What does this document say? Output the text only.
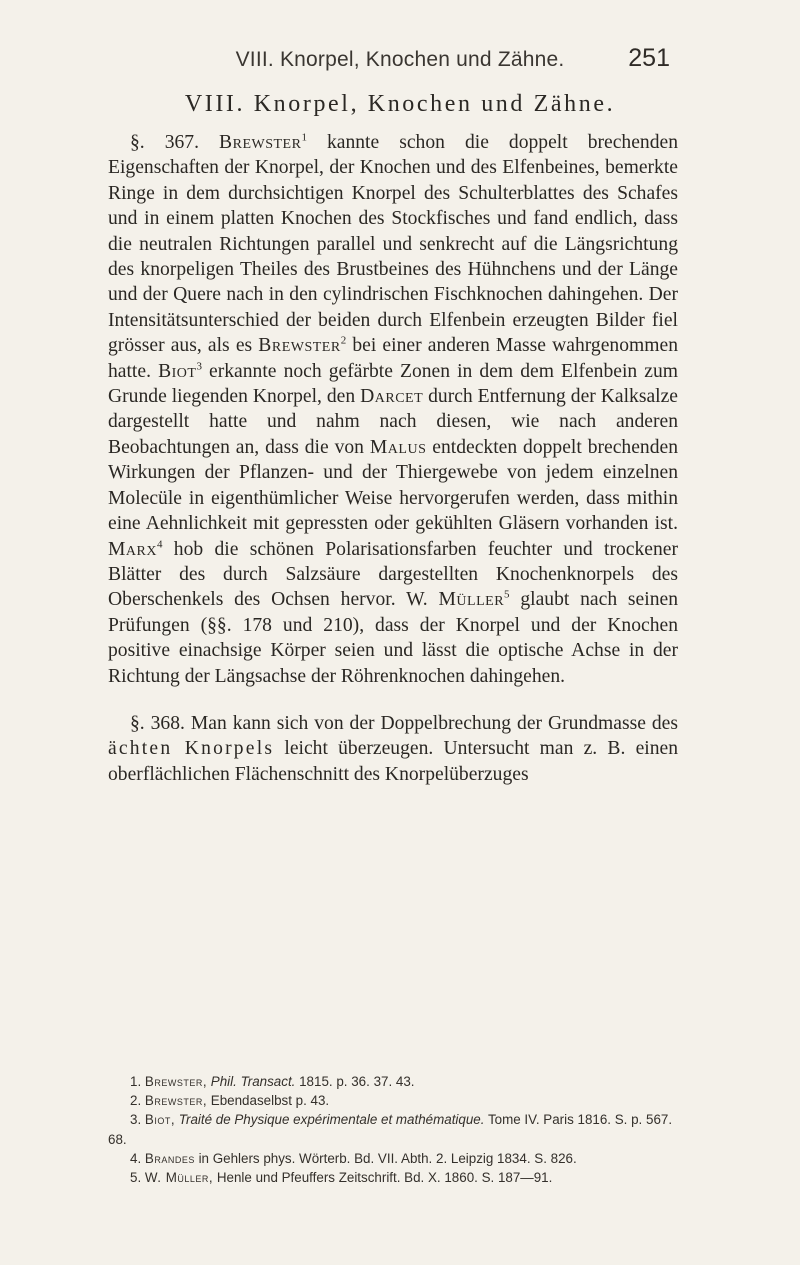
VIII. Knorpel, Knochen und Zähne.	251
VIII. Knorpel, Knochen und Zähne.

§. 367. Brewster$^1$ kannte schon die doppelt brechenden Eigenschaften der Knorpel, der Knochen und des Elfenbeines, bemerkte Ringe in dem durchsichtigen Knorpel des Schulterblattes des Schafes und in einem platten Knochen des Stockfisches und fand endlich, dass die neutralen Richtungen parallel und senkrecht auf die Längsrichtung des knorpeligen Theiles des Brustbeines des Hühnchens und der Länge und der Quere nach in den cylindrischen Fischknochen dahingehen. Der Intensitätsunterschied der beiden durch Elfenbein erzeugten Bilder fiel grösser aus, als es Brewster$^2$ bei einer anderen Masse wahrgenommen hatte. Biot$^3$ erkannte noch gefärbte Zonen in dem dem Elfenbein zum Grunde liegenden Knorpel, den Darcet durch Entfernung der Kalksalze dargestellt hatte und nahm nach diesen, wie nach anderen Beobachtungen an, dass die von Malus entdeckten doppelt brechenden Wirkungen der Pflanzen- und der Thiergewebe von jedem einzelnen Molecüle in eigenthümlicher Weise hervorgerufen werden, dass mithin eine Aehnlichkeit mit gepressten oder gekühlten Gläsern vorhanden ist. Marx$^4$ hob die schönen Polarisationsfarben feuchter und trockener Blätter des durch Salzsäure dargestellten Knochenknorpels des Oberschenkels des Ochsen hervor. W. Müller$^5$ glaubt nach seinen Prüfungen (§§. 178 und 210), dass der Knorpel und der Knochen positive einachsige Körper seien und lässt die optische Achse in der Richtung der Längsachse der Röhrenknochen dahingehen.

§. 368. Man kann sich von der Doppelbrechung der Grundmasse des ächten Knorpels leicht überzeugen. Untersucht man z. B. einen oberflächlichen Flächenschnitt des Knorpelüberzuges

1. Brewster, Phil. Transact. 1815. p. 36. 37. 43.
2. Brewster, Ebendaselbst p. 43.
3. Biot, Traité de Physique expérimentale et mathématique. Tome IV. Paris 1816. S. p. 567. 68.
4. Brandes in Gehlers phys. Wörterb. Bd. VII. Abth. 2. Leipzig 1834. S. 826.
5. W. Müller, Henle und Pfeuffers Zeitschrift. Bd. X. 1860. S. 187—91.
